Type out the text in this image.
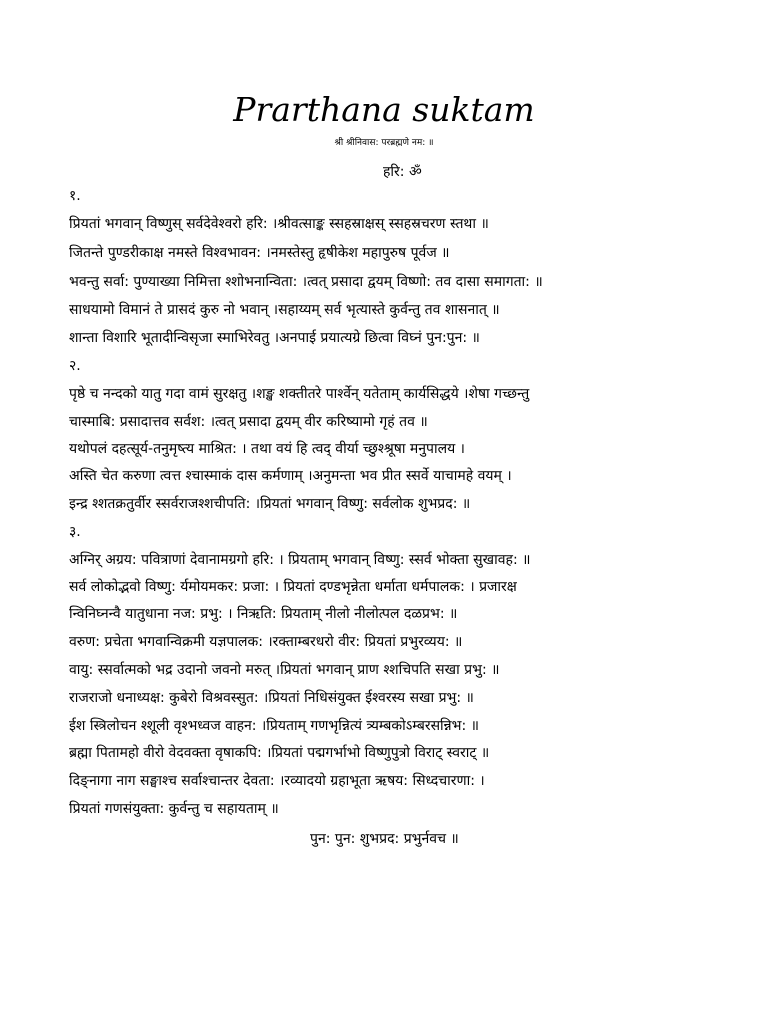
Prarthana suktam
श्री श्रीनिवास: परब्रह्मणे नम: ॥
हरि: ॐ
१.
प्रियतां भगवान् विष्णुस् सर्वदेवेश्वरो हरि: ।श्रीवत्साङ्क स्सहस्राक्षस् स्सहस्रचरण स्तथा ॥
जितन्ते पुण्डरीकाक्ष नमस्ते विश्वभावन: ।नमस्तेस्तु हृषीकेश महापुरुष पूर्वज ॥
भवन्तु सर्वा: पुण्याख्या निमित्ता श्शोभनान्विता: ।त्वत् प्रसादा द्वयम् विष्णो: तव दासा समागता: ॥
साधयामो विमानं ते प्रासदं कुरु नो भवान् ।सहाय्यम् सर्व भृत्यास्ते कुर्वन्तु तव शासनात् ॥
शान्ता विशारि भूतादीन्विसृजा स्माभिरेवतु ।अनपाई प्रयात्यग्रे छित्वा विघ्नं पुन:पुन: ॥
२.
पृष्ठे च नन्दको यातु गदा वामं सुरक्षतु ।शङ्ख शक्तीतरे पार्श्वेन् यतेताम् कार्यसिद्धये ।शेषा गच्छन्तु
चास्माबि: प्रसादात्तव सर्वश: ।त्वत् प्रसादा द्वयम् वीर करिष्यामो गृहं तव ॥
यथोपलं दहत्सूर्य-तनुमृष्त्य माश्रित: । तथा वयं हि त्वद् वीर्या च्छुश्श्रूषा मनुपालय ।
अस्ति चेत करुणा त्वत्त श्चास्माकं दास कर्मणाम् ।अनुमन्ता भव प्रीत स्सर्वे याचामहे वयम् ।
इन्द्र श्शतक्रतुर्वीर स्सर्वराजश्शचीपति: ।प्रियतां भगवान् विष्णु: सर्वलोक शुभप्रद: ॥
३.
अग्निर् अग्रय: पवित्राणां देवानामग्रगो हरि: । प्रियताम् भगवान् विष्णु: स्सर्व भोक्ता सुखावह: ॥
सर्व लोकोद्भवो विष्णु: र्यमोयमकर: प्रजा: । प्रियतां दण्डभृन्नेता धर्माता धर्मपालक: । प्रजारक्ष
न्विनिघ्नन्वै यातुधाना नज: प्रभु: । निऋति: प्रियताम् नीलो नीलोत्पल दळप्रभ: ॥
वरुण: प्रचेता भगवान्विक्रमी यज्ञपालक: ।रक्ताम्बरधरो वीर: प्रियतां प्रभुरव्यय: ॥
वायु: स्सर्वात्मको भद्र उदानो जवनो मरुत् ।प्रियतां भगवान् प्राण श्शचिपति सखा प्रभु: ॥
राजराजो धनाध्यक्ष: कुबेरो विश्रवस्सुत: ।प्रियतां निधिसंयुक्त ईश्वरस्य सखा प्रभु: ॥
ईश स्त्रिलोचन श्शूली वृश्भध्वज वाहन: ।प्रियताम् गणभृन्नित्यं त्र्यम्बकोऽम्बरसन्निभ: ॥
ब्रह्मा पितामहो वीरो वेदवक्ता वृषाकपि: ।प्रियतां पद्मगर्भाभो विष्णुपुत्रो विराट् स्वराट् ॥
दिङ्नागा नाग सङ्घाश्च सर्वाश्चान्तर देवता: ।रव्यादयो ग्रहाभूता ऋषय: सिध्दचारणा: ।
प्रियतां गणसंयुक्ता: कुर्वन्तु च सहायताम् ॥
पुन: पुन: शुभप्रद: प्रभुर्नवच ॥
